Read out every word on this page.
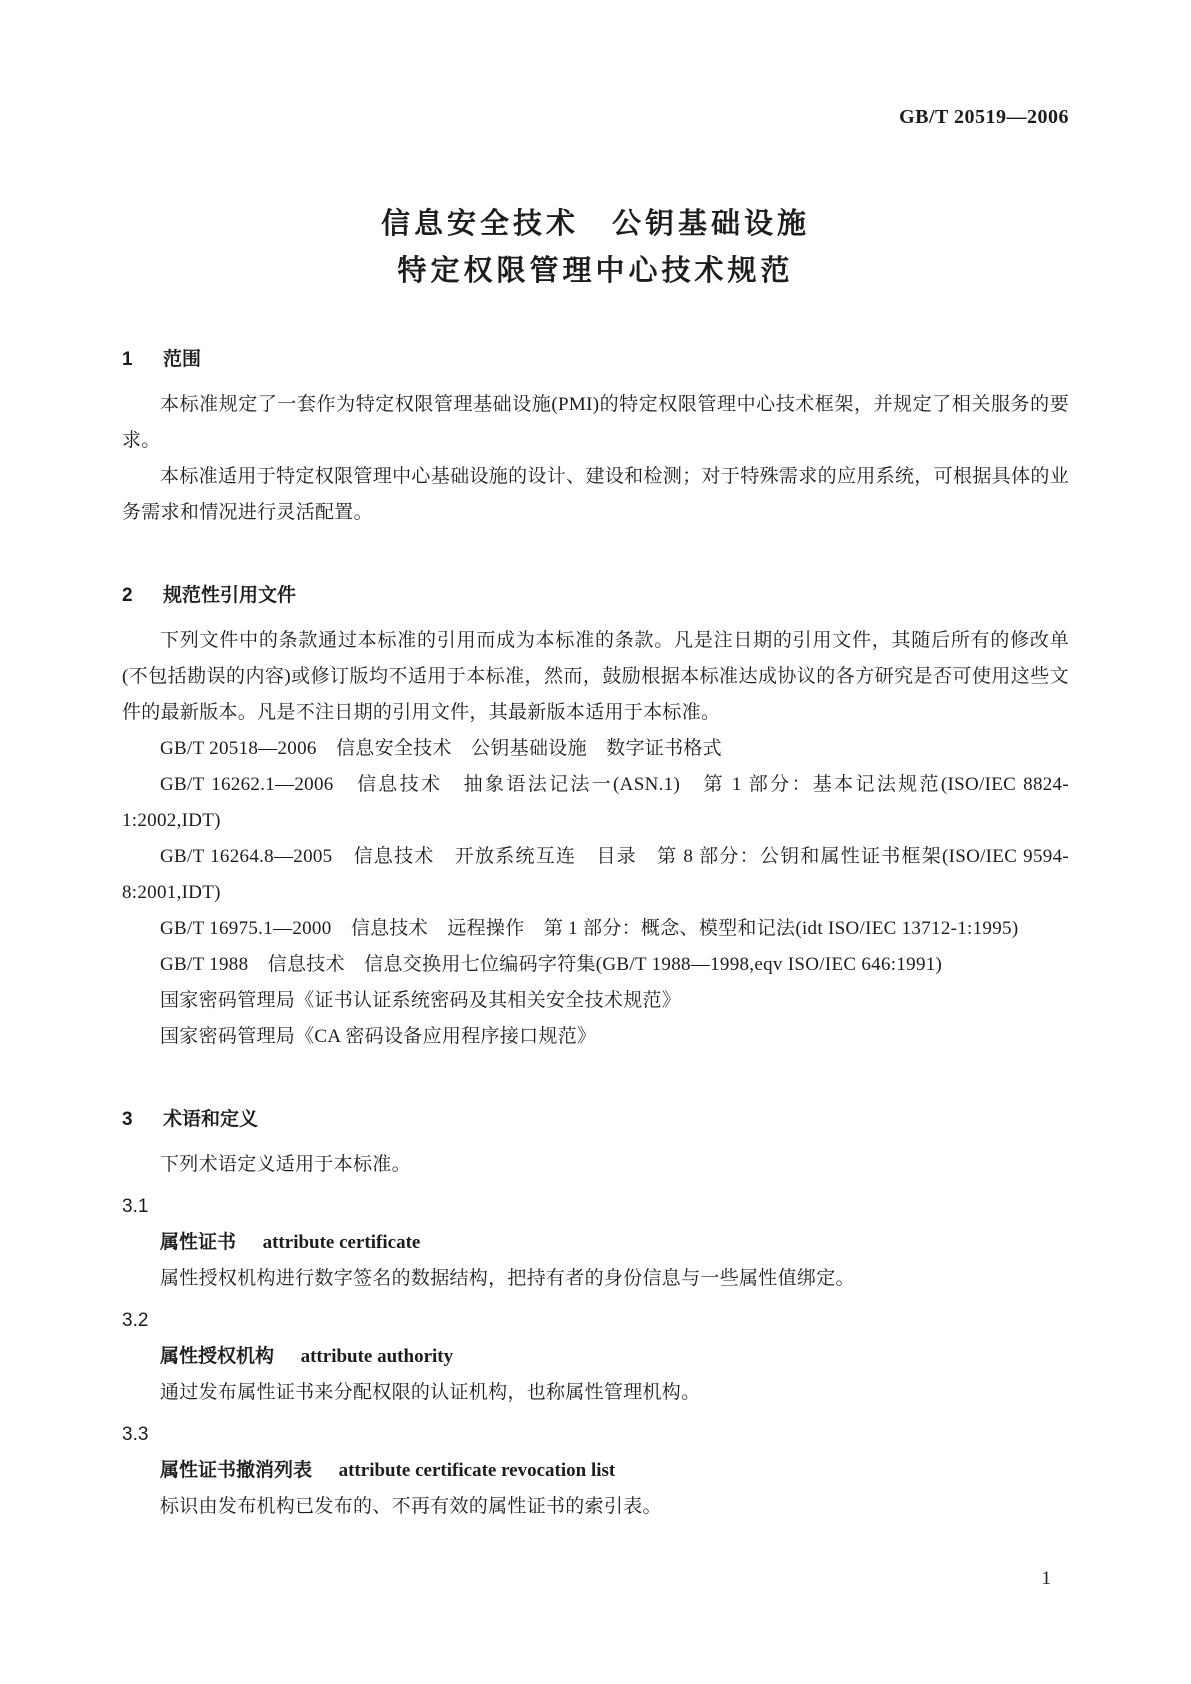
GB/T 20519—2006
信息安全技术　公钥基础设施
特定权限管理中心技术规范
1 范围

本标准规定了一套作为特定权限管理基础设施(PMI)的特定权限管理中心技术框架，并规定了相关服务的要求。

本标准适用于特定权限管理中心基础设施的设计、建设和检测；对于特殊需求的应用系统，可根据具体的业务需求和情况进行灵活配置。

2 规范性引用文件

下列文件中的条款通过本标准的引用而成为本标准的条款。凡是注日期的引用文件，其随后所有的修改单(不包括勘误的内容)或修订版均不适用于本标准，然而，鼓励根据本标准达成协议的各方研究是否可使用这些文件的最新版本。凡是不注日期的引用文件，其最新版本适用于本标准。

GB/T 20518—2006　信息安全技术　公钥基础设施　数字证书格式

GB/T 16262.1—2006　信息技术　抽象语法记法一(ASN.1)　第 1 部分：基本记法规范(ISO/IEC 8824-1:2002,IDT)

GB/T 16264.8—2005　信息技术　开放系统互连　目录　第 8 部分：公钥和属性证书框架(ISO/IEC 9594-8:2001,IDT)

GB/T 16975.1—2000　信息技术　远程操作　第 1 部分：概念、模型和记法(idt ISO/IEC 13712-1:1995)

GB/T 1988　信息技术　信息交换用七位编码字符集(GB/T 1988—1998,eqv ISO/IEC 646:1991)

国家密码管理局《证书认证系统密码及其相关安全技术规范》

国家密码管理局《CA 密码设备应用程序接口规范》

3 术语和定义

下列术语定义适用于本标准。

3.1
属性证书 attribute certificate

属性授权机构进行数字签名的数据结构，把持有者的身份信息与一些属性值绑定。

3.2
属性授权机构 attribute authority

通过发布属性证书来分配权限的认证机构，也称属性管理机构。

3.3
属性证书撤消列表 attribute certificate revocation list

标识由发布机构已发布的、不再有效的属性证书的索引表。

1
